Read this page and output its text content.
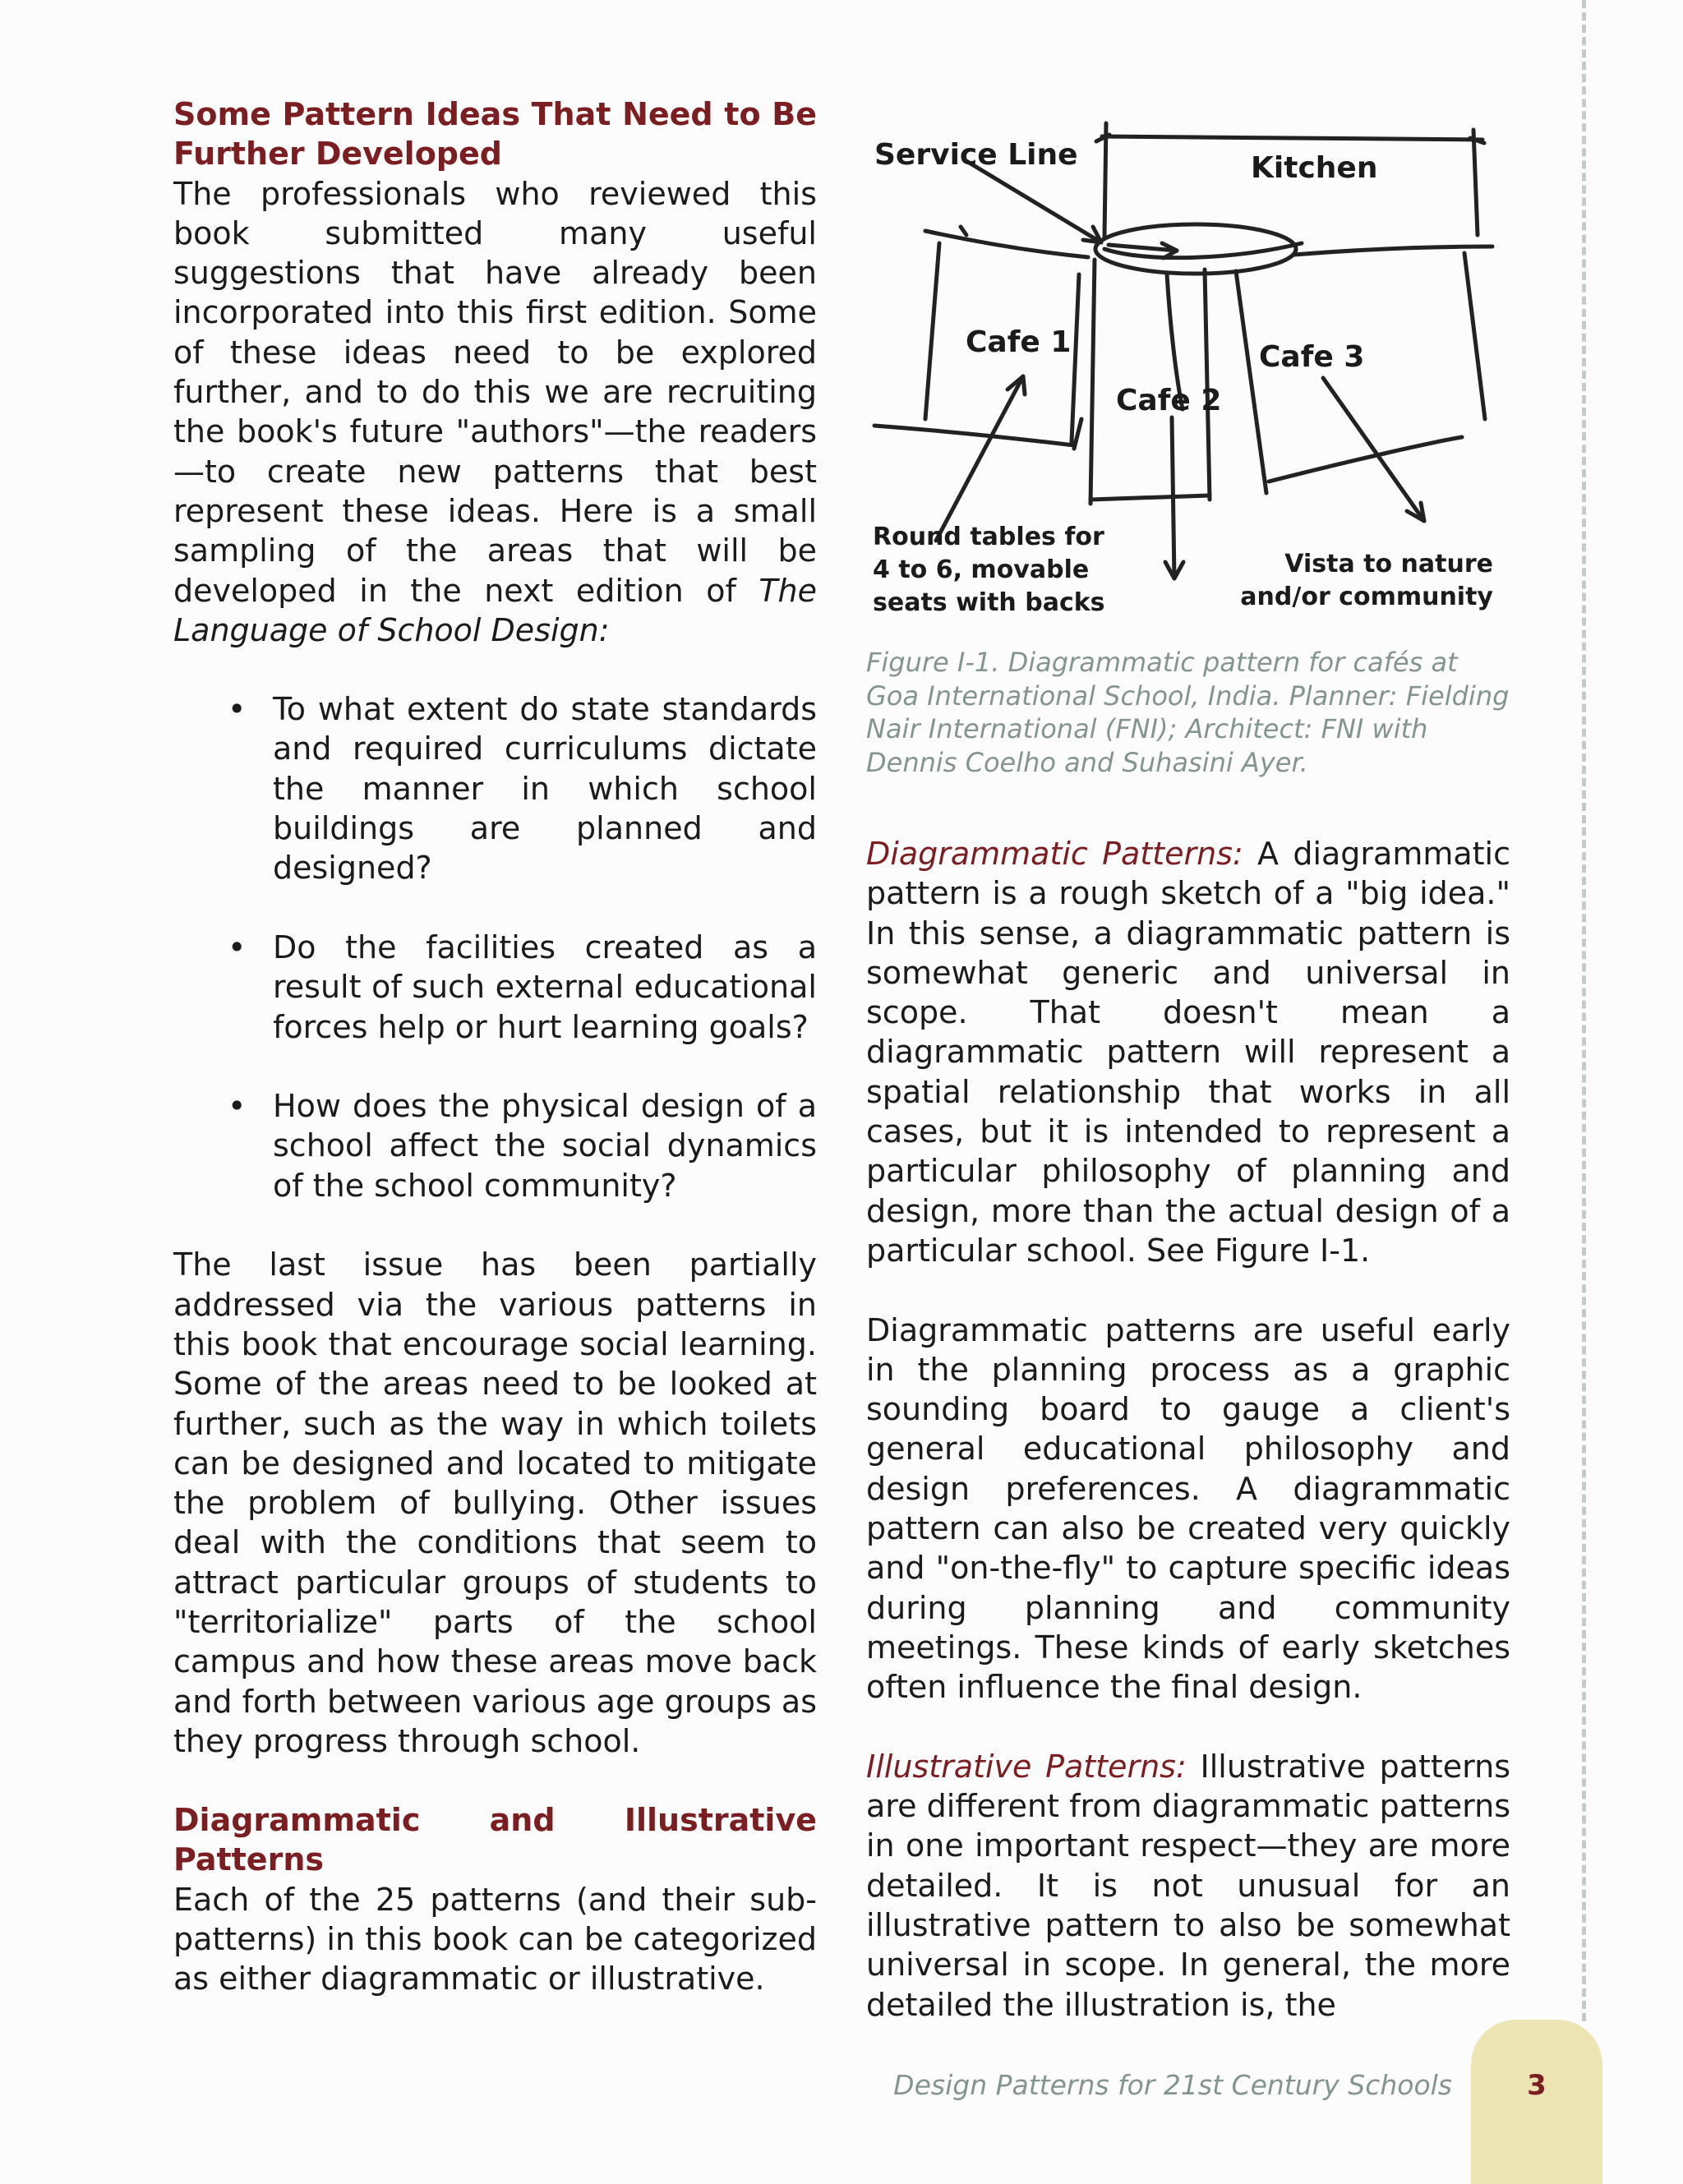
Some Pattern Ideas That Need to Be Further Developed

The professionals who reviewed this book submitted many useful suggestions that have already been incorporated into this first edition. Some of these ideas need to be explored further, and to do this we are recruiting the book's future "authors"—the readers—to create new patterns that best represent these ideas. Here is a small sampling of the areas that will be developed in the next edition of The Language of School Design:

• To what extent do state standards and required curriculums dictate the manner in which school buildings are planned and designed?
• Do the facilities created as a result of such external educational forces help or hurt learning goals?
• How does the physical design of a school affect the social dynamics of the school community?

The last issue has been partially addressed via the various patterns in this book that encourage social learning. Some of the areas need to be looked at further, such as the way in which toilets can be designed and located to mitigate the problem of bullying. Other issues deal with the conditions that seem to attract particular groups of students to "territorialize" parts of the school campus and how these areas move back and forth between various age groups as they progress through school.

Diagrammatic and Illustrative Patterns

Each of the 25 patterns (and their sub-patterns) in this book can be categorized as either diagrammatic or illustrative.

Service Line	Kitchen
Cafe 1
Cafe 2
Cafe 3
Round tables for
4 to 6, movable
seats with backs
Vista to nature
and/or community
Figure I-1. Diagrammatic pattern for cafés at Goa International School, India. Planner: Fielding Nair International (FNI); Architect: FNI with Dennis Coelho and Suhasini Ayer.

Diagrammatic Patterns: A diagrammatic pattern is a rough sketch of a "big idea." In this sense, a diagrammatic pattern is somewhat generic and universal in scope. That doesn't mean a diagrammatic pattern will represent a spatial relationship that works in all cases, but it is intended to represent a particular philosophy of planning and design, more than the actual design of a particular school. See Figure I-1.

Diagrammatic patterns are useful early in the planning process as a graphic sounding board to gauge a client's general educational philosophy and design preferences. A diagrammatic pattern can also be created very quickly and "on-the-fly" to capture specific ideas during planning and community meetings. These kinds of early sketches often influence the final design.

Illustrative Patterns: Illustrative patterns are different from diagrammatic patterns in one important respect—they are more detailed. It is not unusual for an illustrative pattern to also be somewhat universal in scope. In general, the more detailed the illustration is, the

Design Patterns for 21st Century Schools	3
